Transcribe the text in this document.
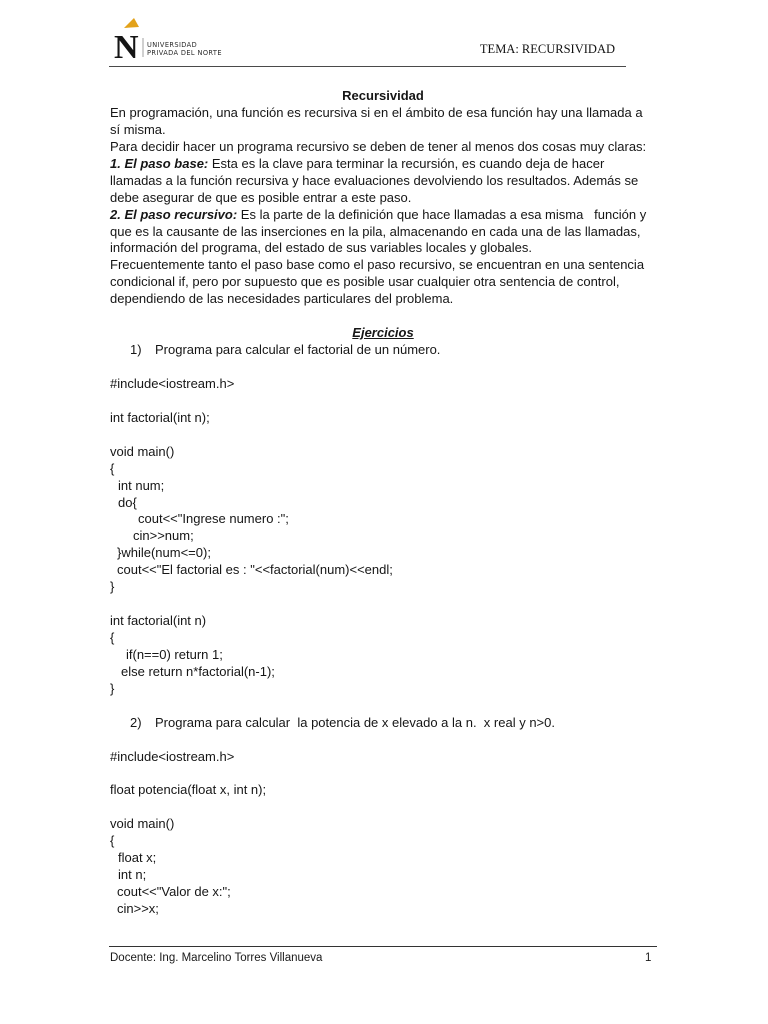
N UNIVERSIDAD
PRIVADA DEL NORTE	TEMA: RECURSIVIDAD
Recursividad
En programación, una función es recursiva si en el ámbito de esa función hay una llamada a
sí misma.
Para decidir hacer un programa recursivo se deben de tener al menos dos cosas muy claras:
1. El paso base: Esta es la clave para terminar la recursión, es cuando deja de hacer
llamadas a la función recursiva y hace evaluaciones devolviendo los resultados. Además se
debe asegurar de que es posible entrar a este paso.
2. El paso recursivo: Es la parte de la definición que hace llamadas a esa misma   función y
que es la causante de las inserciones en la pila, almacenando en cada una de las llamadas,
información del programa, del estado de sus variables locales y globales.
Frecuentemente tanto el paso base como el paso recursivo, se encuentran en una sentencia
condicional if, pero por supuesto que es posible usar cualquier otra sentencia de control,
dependiendo de las necesidades particulares del problema.
Ejercicios
1) Programa para calcular el factorial de un número.
#include<iostream.h>
int factorial(int n);
void main()
{
int num;
do{
cout<<"Ingrese numero :";
cin>>num;
}while(num<=0);
cout<<"El factorial es : "<<factorial(num)<<endl;
}
int factorial(int n)
{
if(n==0) return 1;
else return n*factorial(n-1);
}
2) Programa para calcular  la potencia de x elevado a la n.  x real y n>0.
#include<iostream.h>
float potencia(float x, int n);
void main()
{
float x;
int n;
cout<<"Valor de x:";
cin>>x;
Docente: Ing. Marcelino Torres Villanueva	1
